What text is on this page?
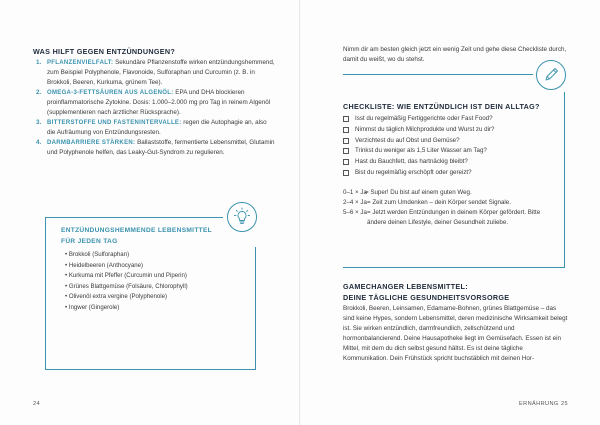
WAS HILFT GEGEN ENTZÜNDUNGEN?
1. PFLANZENVIELFALT: Sekundäre Pflanzenstoffe wirken entzündungshemmend, zum Beispiel Polyphenole, Flavonoide, Sulforaphan und Curcumin (z. B. in Brokkoli, Beeren, Kurkuma, grünem Tee).
2. OMEGA-3-FETTSÄUREN AUS ALGENÖL: EPA und DHA blockieren proinflammatorische Zytokine. Dosis: 1.000–2.000 mg pro Tag in reinem Algenöl (supplementieren nach ärztlicher Rücksprache).
3. BITTERSTOFFE UND FASTENINTERVALLE: regen die Autophagie an, also die Aufräumung von Entzündungsresten.
4. DARMBARRIERE STÄRKEN: Ballaststoffe, fermentierte Lebensmittel, Glutamin und Polyphenole helfen, das Leaky-Gut-Syndrom zu regulieren.
ENTZÜNDUNGSHEMMENDE LEBENSMITTEL
FÜR JEDEN TAG
• Brokkoli (Sulforaphan)
• Heidelbeeren (Anthocyane)
• Kurkuma mit Pfeffer (Curcumin und Piperin)
• Grünes Blattgemüse (Folsäure, Chlorophyll)
• Olivenöl extra vergine (Polyphenole)
• Ingwer (Gingerole)
24
Nimm dir am besten gleich jetzt ein wenig Zeit und gehe diese Checkliste durch, damit du weißt, wo du stehst.
CHECKLISTE: WIE ENTZÜNDLICH IST DEIN ALLTAG?
Isst du regelmäßig Fertiggerichte oder Fast Food?
Nimmst du täglich Milchprodukte und Wurst zu dir?
Verzichtest du auf Obst und Gemüse?
Trinkst du weniger als 1,5 Liter Wasser am Tag?
Hast du Bauchfett, das hartnäckig bleibt?
Bist du regelmäßig erschöpft oder gereizt?
0–1 × Ja
= Super! Du bist auf einem guten Weg.
2–4 × Ja = Zeit zum Umdenken – dein Körper sendet Signale.
5–6 × Ja = Jetzt werden Entzündungen in deinem Körper gefördert. Bitte ändere deinen Lifestyle, deiner Gesundheit zuliebe.
GAMECHANGER LEBENSMITTEL:
DEINE TÄGLICHE GESUNDHEITSVORSORGE
Brokkoli, Beeren, Leinsamen, Edamame-Bohnen, grünes Blattgemüse – das sind keine Hypes, sondern Lebensmittel, deren medizinische Wirksamkeit belegt ist. Sie wirken entzündlich, darmfreundlich, zellschützend und hormonbalancierend. Deine Hausapotheke liegt im Gemüsefach. Essen ist ein Mittel, mit dem du dich selbst gesund hältst. Es ist deine tägliche Kommunikation. Dein Frühstück spricht buchstäblich mit deinen Hor-
ERNÄHRUNG 25
